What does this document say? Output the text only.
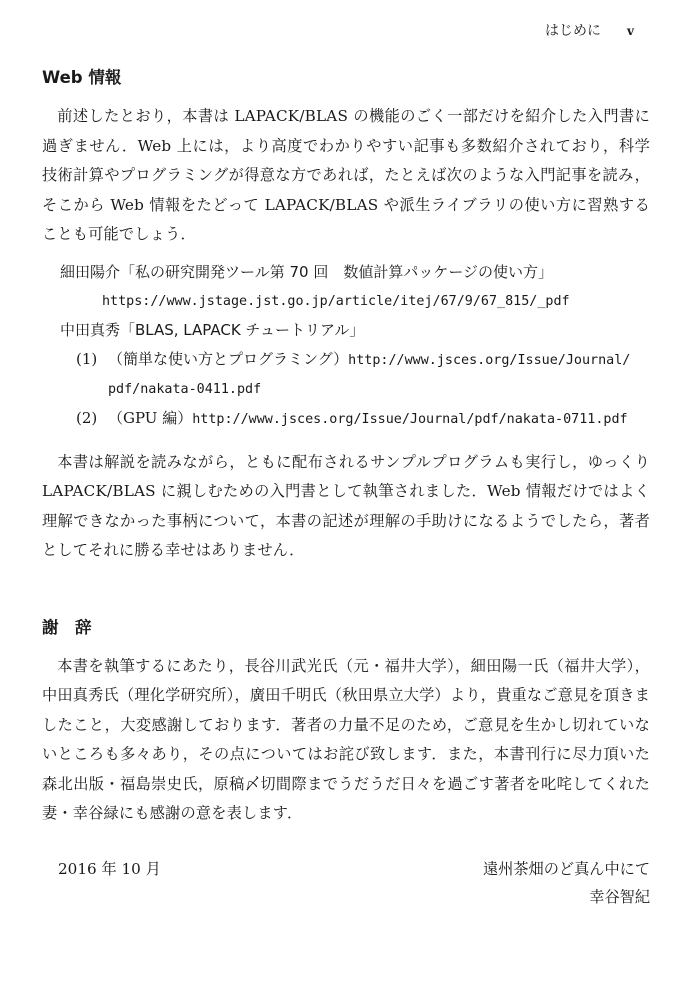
はじめに v
Web 情報

前述したとおり，本書は LAPACK/BLAS の機能のごく一部だけを紹介した入門書に過ぎません．Web 上には，より高度でわかりやすい記事も多数紹介されており，科学技術計算やプログラミングが得意な方であれば，たとえば次のような入門記事を読み，そこから Web 情報をたどって LAPACK/BLAS や派生ライブラリの使い方に習熟することも可能でしょう．

細田陽介「私の研究開発ツール第 70 回　数値計算パッケージの使い方」
https://www.jstage.jst.go.jp/article/itej/67/9/67_815/_pdf
中田真秀「BLAS, LAPACK チュートリアル」
(1) （簡単な使い方とプログラミング）http://www.jsces.org/Issue/Journal/
pdf/nakata-0411.pdf
(2) （GPU 編）http://www.jsces.org/Issue/Journal/pdf/nakata-0711.pdf

本書は解説を読みながら，ともに配布されるサンプルプログラムも実行し，ゆっくり LAPACK/BLAS に親しむための入門書として執筆されました．Web 情報だけではよく理解できなかった事柄について，本書の記述が理解の手助けになるようでしたら，著者としてそれに勝る幸せはありません．

謝　辞

本書を執筆するにあたり，長谷川武光氏（元・福井大学），細田陽一氏（福井大学），中田真秀氏（理化学研究所），廣田千明氏（秋田県立大学）より，貴重なご意見を頂きましたこと，大変感謝しております．著者の力量不足のため，ご意見を生かし切れていないところも多々あり，その点についてはお詫び致します．また，本書刊行に尽力頂いた森北出版・福島崇史氏，原稿〆切間際までうだうだ日々を過ごす著者を叱咤してくれた妻・幸谷緑にも感謝の意を表します．

2016 年 10 月	遠州茶畑のど真ん中にて
幸谷智紀
